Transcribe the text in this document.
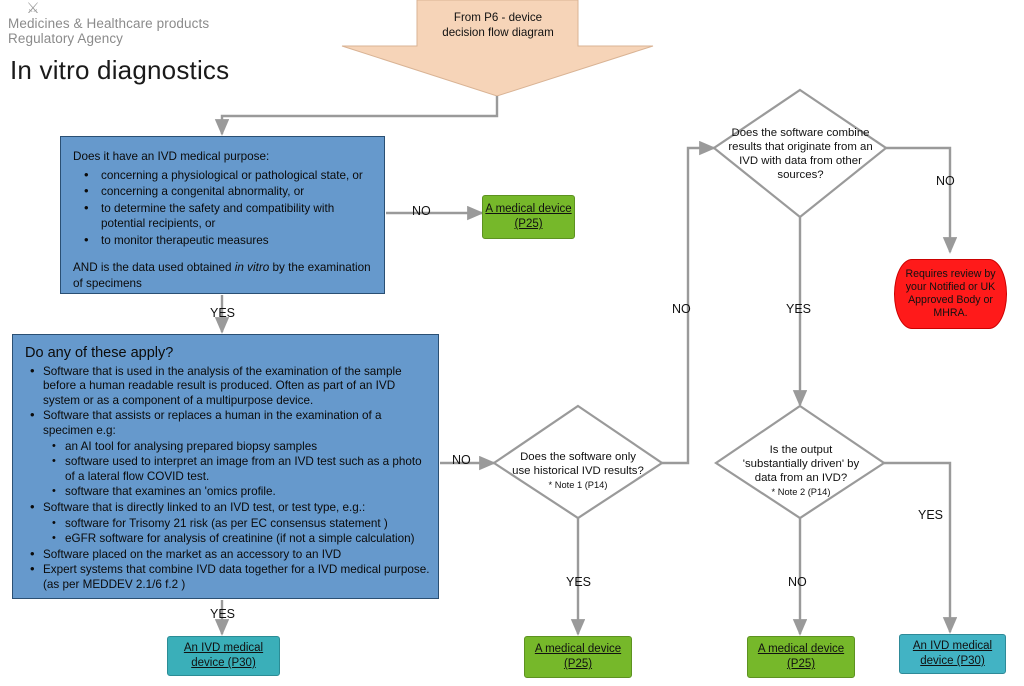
⚔
Medicines & Healthcare products Regulatory Agency
In vitro diagnostics
From P6 - device
decision flow diagram
Does it have an IVD medical purpose:
• concerning a physiological or pathological state, or
• concerning a congenital abnormality, or
• to determine the safety and compatibility with potential recipients, or
• to monitor therapeutic measures
AND is the data used obtained in vitro by the examination of specimens
Do any of these apply?
• Software that is used in the analysis of the examination of the sample before a human readable result is produced. Often as part of an IVD system or as a component of a multipurpose device.
• Software that assists or replaces a human in the examination of a specimen e.g:
• an AI tool for analysing prepared biopsy samples
• software used to interpret an image from an IVD test such as a photo of a lateral flow COVID test.
• software that examines an 'omics profile.
• Software that is directly linked to an IVD test, or test type, e.g.:
• software for Trisomy 21 risk (as per EC consensus statement )
• eGFR software for analysis of creatinine (if not a simple calculation)
• Software placed on the market as an accessory to an IVD
• Expert systems that combine IVD data together for a IVD medical purpose. (as per MEDDEV 2.1/6 f.2 )
Does the software only
use historical IVD results?
* Note 1 (P14)
Does the software combine
results that originate from an
IVD with data from other
sources?
Is the output
'substantially driven' by
data from an IVD?
* Note 2 (P14)
NO
YES
NO
YES
NO
YES
NO
YES	NO
YES
A medical device
(P25)
An IVD medical
device (P30)
A medical device
(P25)
A medical device
(P25)
An IVD medical
device (P30)
Requires review by
your Notified or UK
Approved Body or
MHRA.
